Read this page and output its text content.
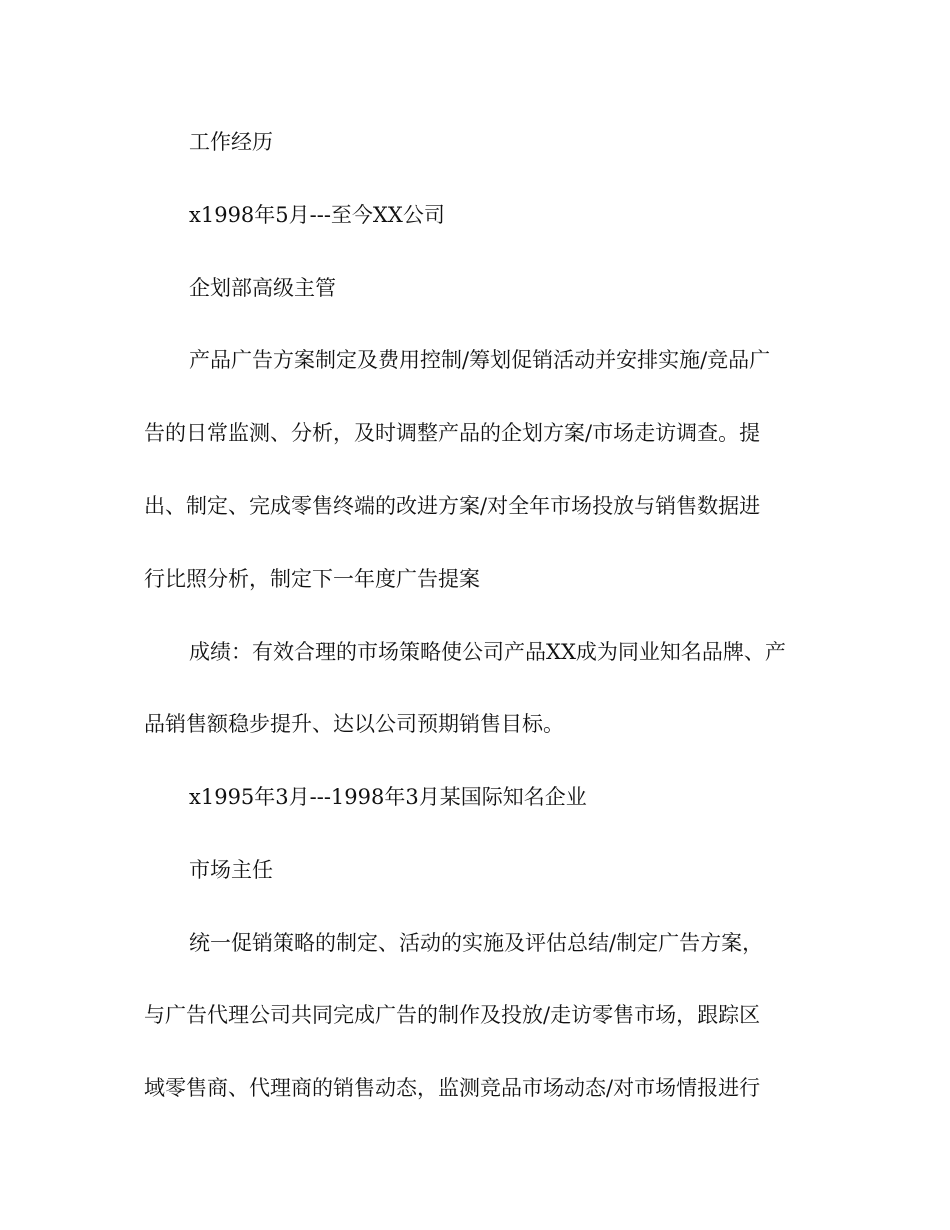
工作经历
x1998年5月---至今XX公司
企划部高级主管
产品广告方案制定及费用控制/筹划促销活动并安排实施/竞品广
告的日常监测、分析，及时调整产品的企划方案/市场走访调查。提
出、制定、完成零售终端的改进方案/对全年市场投放与销售数据进
行比照分析，制定下一年度广告提案
成绩：有效合理的市场策略使公司产品XX成为同业知名品牌、产
品销售额稳步提升、达以公司预期销售目标。
x1995年3月---1998年3月某国际知名企业
市场主任
统一促销策略的制定、活动的实施及评估总结/制定广告方案，
与广告代理公司共同完成广告的制作及投放/走访零售市场，跟踪区
域零售商、代理商的销售动态，监测竞品市场动态/对市场情报进行
